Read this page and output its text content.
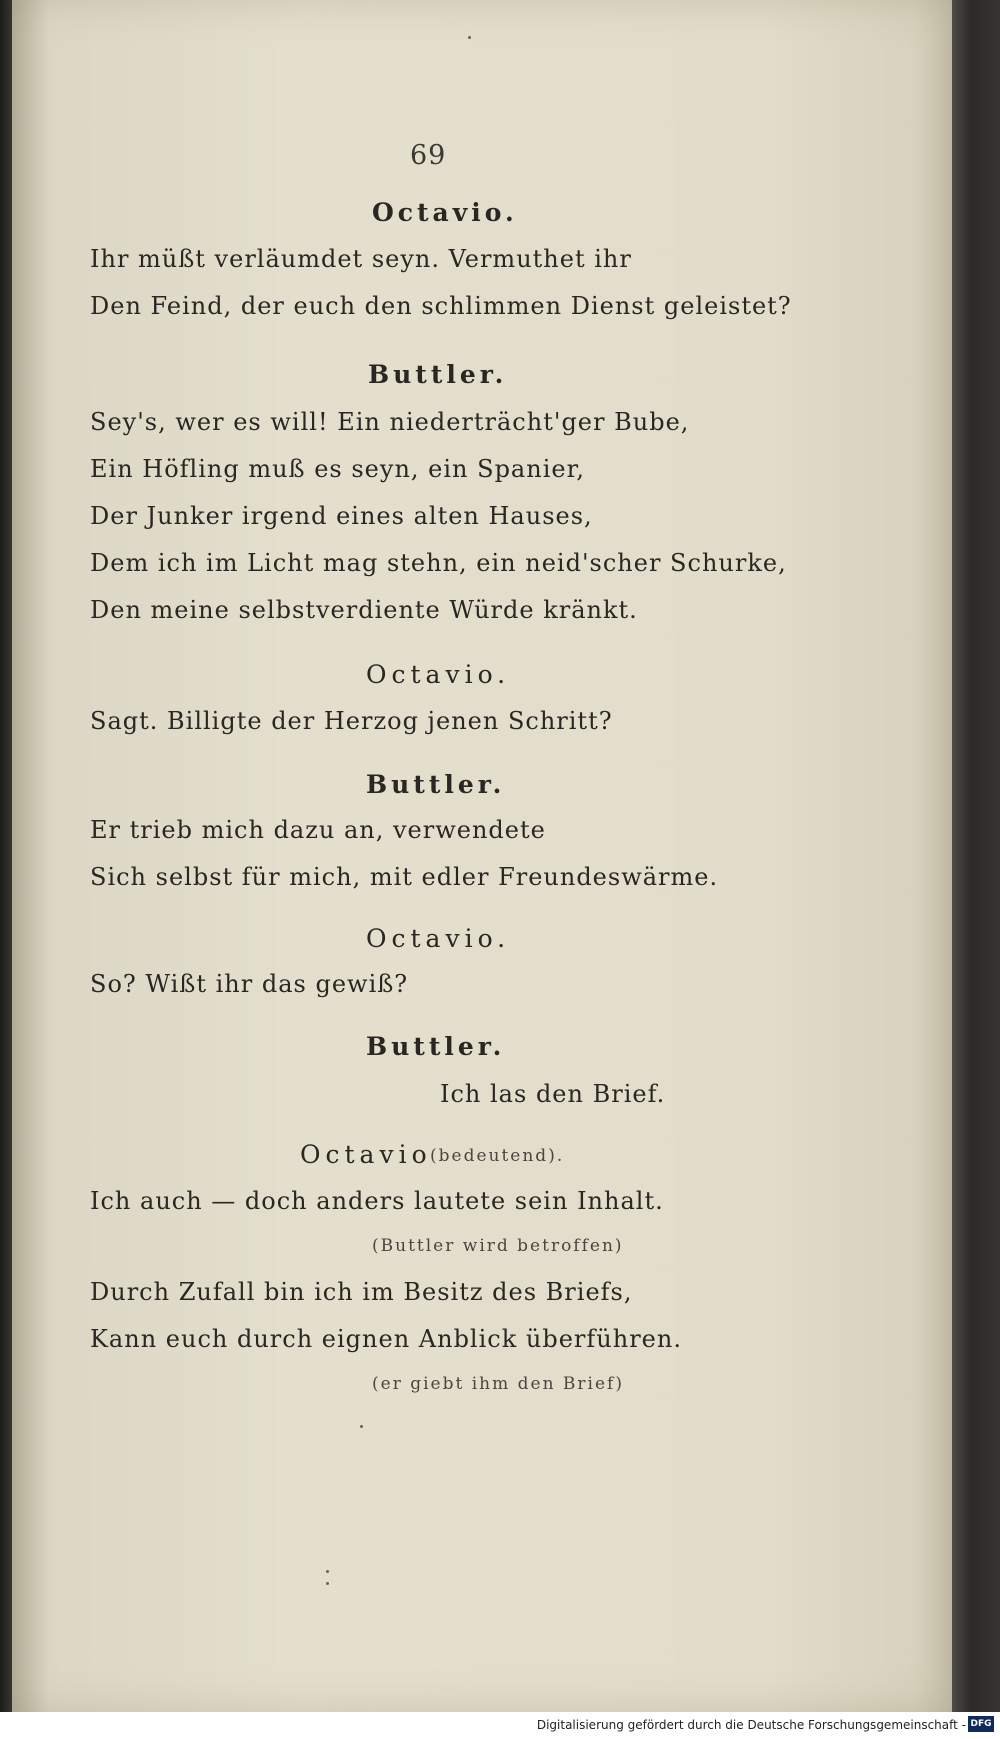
69
Octavio.
Ihr müßt verläumdet seyn. Vermuthet ihr
Den Feind, der euch den schlimmen Dienst geleistet?
Buttler.
Sey's, wer es will! Ein niederträcht'ger Bube,
Ein Höfling muß es seyn, ein Spanier,
Der Junker irgend eines alten Hauses,
Dem ich im Licht mag stehn, ein neid'scher Schurke,
Den meine selbstverdiente Würde kränkt.
Octavio.
Sagt. Billigte der Herzog jenen Schritt?
Buttler.
Er trieb mich dazu an, verwendete
Sich selbst für mich, mit edler Freundeswärme.
Octavio.
So? Wißt ihr das gewiß?
Buttler.
Ich las den Brief.
Octavio
(bedeutend).
Ich auch — doch anders lautete sein Inhalt.
(Buttler wird betroffen)
Durch Zufall bin ich im Besitz des Briefs,
Kann euch durch eignen Anblick überführen.
(er giebt ihm den Brief)
Digitalisierung gefördert durch die Deutsche Forschungsgemeinschaft - DFG
